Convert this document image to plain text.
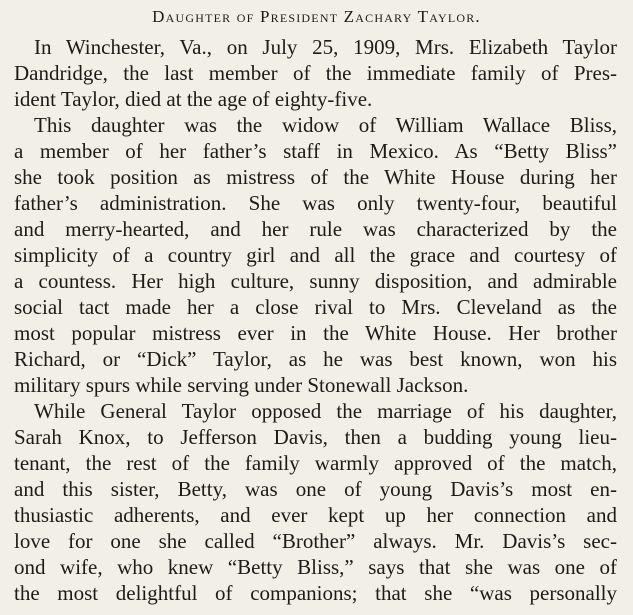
Daughter of President Zachary Taylor.
In Winchester, Va., on July 25, 1909, Mrs. Elizabeth Taylor
Dandridge, the last member of the immediate family of Pres-
ident Taylor, died at the age of eighty-five.
This daughter was the widow of William Wallace Bliss,
a member of her father’s staff in Mexico. As “Betty Bliss”
she took position as mistress of the White House during her
father’s administration. She was only twenty-four, beautiful
and merry-hearted, and her rule was characterized by the
simplicity of a country girl and all the grace and courtesy of
a countess. Her high culture, sunny disposition, and admirable
social tact made her a close rival to Mrs. Cleveland as the
most popular mistress ever in the White House. Her brother
Richard, or “Dick” Taylor, as he was best known, won his
military spurs while serving under Stonewall Jackson.
While General Taylor opposed the marriage of his daughter,
Sarah Knox, to Jefferson Davis, then a budding young lieu-
tenant, the rest of the family warmly approved of the match,
and this sister, Betty, was one of young Davis’s most en-
thusiastic adherents, and ever kept up her connection and
love for one she called “Brother” always. Mr. Davis’s sec-
ond wife, who knew “Betty Bliss,” says that she was one of
the most delightful of companions; that she “was personally
